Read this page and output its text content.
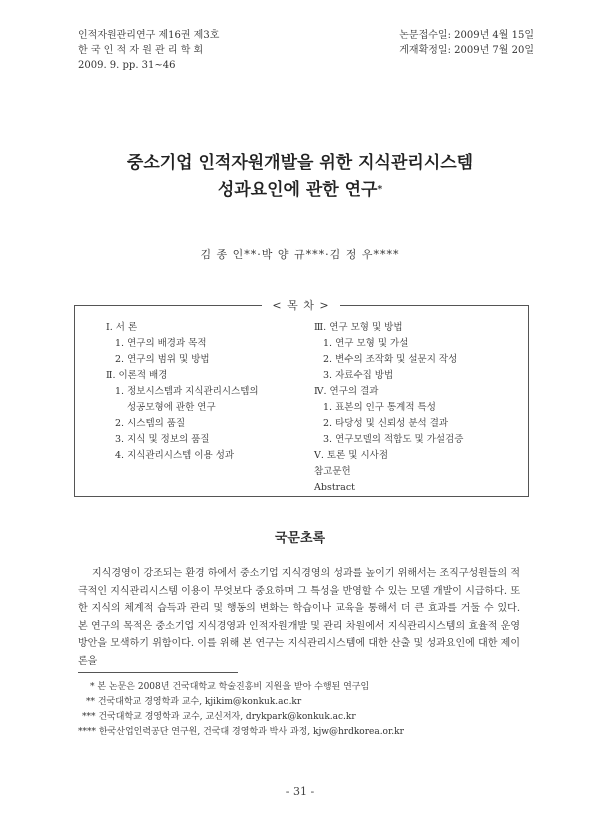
인적자원관리연구 제16권 제3호
한 국 인 적 자 원 관 리 학 회
2009. 9. pp. 31~46
논문접수일: 2009년 4월 15일
게재확정일: 2009년 7월 20일
중소기업 인적자원개발을 위한 지식관리시스템
성과요인에 관한 연구*
김 종 인**·박 양 규***·김 정 우****
< 목 차 >
Ⅰ. 서 론
1. 연구의 배경과 목적
2. 연구의 범위 및 방법
Ⅱ. 이론적 배경
1. 정보시스템과 지식관리시스템의
성공모형에 관한 연구
2. 시스템의 품질
3. 지식 및 정보의 품질
4. 지식관리시스템 이용 성과
Ⅲ. 연구 모형 및 방법
1. 연구 모형 및 가설
2. 변수의 조작화 및 설문지 작성
3. 자료수집 방법
Ⅳ. 연구의 결과
1. 표본의 인구 통계적 특성
2. 타당성 및 신뢰성 분석 결과
3. 연구모델의 적합도 및 가설검증
Ⅴ. 토론 및 시사점
참고문헌
Abstract
국문초록

지식경영이 강조되는 환경 하에서 중소기업 지식경영의 성과를 높이기 위해서는 조직구성원들의 적극적인 지식관리시스템 이용이 무엇보다 중요하며 그 특성을 반영할 수 있는 모델 개발이 시급하다. 또한 지식의 체계적 습득과 관리 및 행동의 변화는 학습이나 교육을 통해서 더 큰 효과를 거둘 수 있다. 본 연구의 목적은 중소기업 지식경영과 인적자원개발 및 관리 차원에서 지식관리시스템의 효율적 운영방안을 모색하기 위함이다. 이를 위해 본 연구는 지식관리시스템에 대한 산출 및 성과요인에 대한 제이론을

* 본 논문은 2008년 건국대학교 학술진흥비 지원을 받아 수행된 연구임
** 건국대학교 경영학과 교수, kjikim@konkuk.ac.kr
*** 건국대학교 경영학과 교수, 교신저자, drykpark@konkuk.ac.kr
**** 한국산업인력공단 연구원, 건국대 경영학과 박사 과정, kjw@hrdkorea.or.kr
- 31 -
